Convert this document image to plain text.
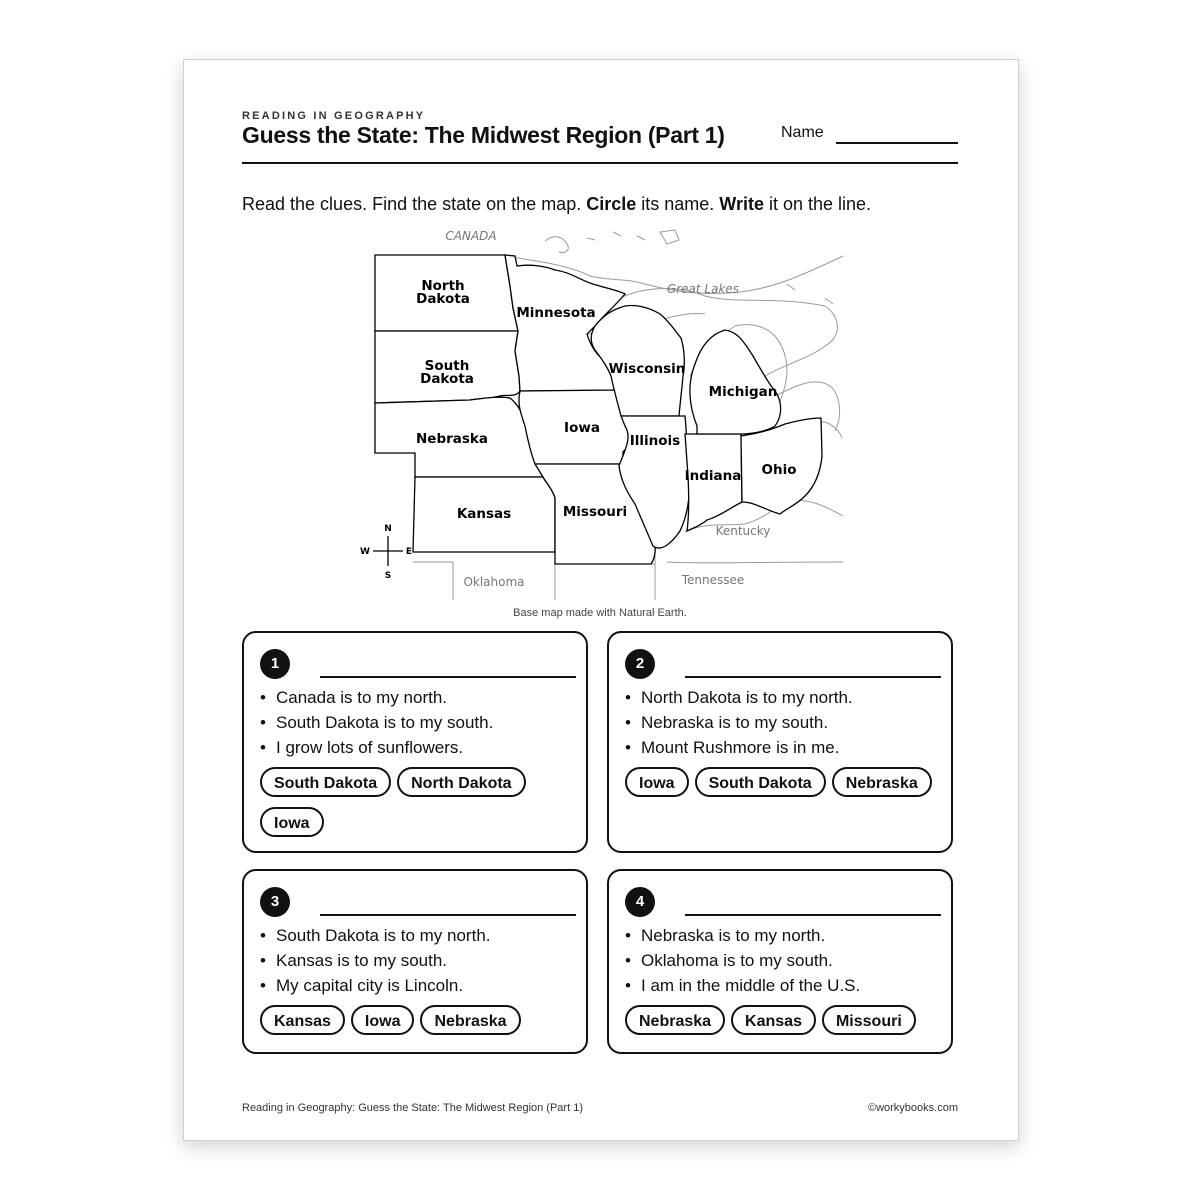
READING IN GEOGRAPHY
Guess the State: The Midwest Region (Part 1)	Name
Read the clues. Find the state on the map. Circle its name. Write it on the line.
North
Dakota
South
Dakota
Minnesota
Wisconsin
Michigan
Iowa
Illinois
Indiana Ohio
Nebraska
Kansas	Missouri
CANADA
Great Lakes
Kentucky
Oklahoma	Tennessee
N
S
E
W
Base map made with Natural Earth.
1
• Canada is to my north.
• South Dakota is to my south.
• I grow lots of sunflowers.
South Dakota North DakotaIowa
2
• North Dakota is to my north.
• Nebraska is to my south.
• Mount Rushmore is in me.
Iowa South Dakota Nebraska
3
• South Dakota is to my north.
• Kansas is to my south.
• My capital city is Lincoln.
Kansas Iowa Nebraska
4
• Nebraska is to my north.
• Oklahoma is to my south.
• I am in the middle of the U.S.
Nebraska Kansas Missouri
Reading in Geography: Guess the State: The Midwest Region (Part 1)	©workybooks.com
